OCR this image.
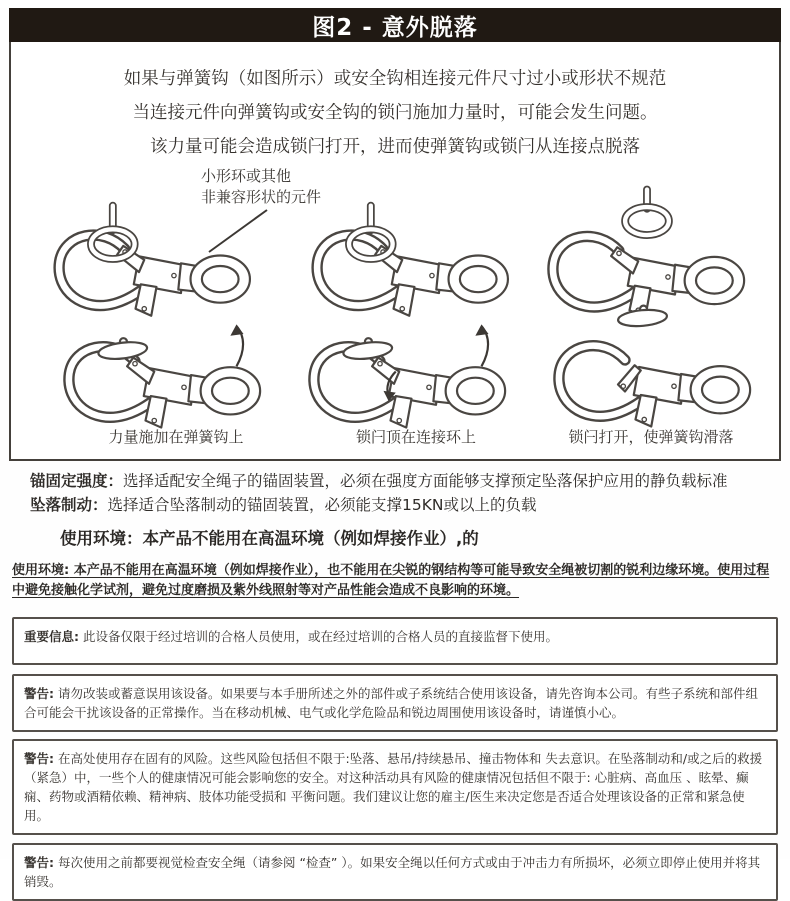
图2 - 意外脱落
如果与弹簧钩（如图所示）或安全钩相连接元件尺寸过小或形状不规范
当连接元件向弹簧钩或安全钩的锁闩施加力量时，可能会发生问题。
该力量可能会造成锁闩打开，进而使弹簧钩或锁闩从连接点脱落
小形环或其他
非兼容形状的元件
力量施加在弹簧钩上	锁闩顶在连接环上	锁闩打开，使弹簧钩滑落
锚固定强度：选择适配安全绳子的锚固装置，必须在强度方面能够支撑预定坠落保护应用的静负载标准
坠落制动：选择适合坠落制动的锚固装置，必须能支撑15KN或以上的负载
使用环境：本产品不能用在高温环境（例如焊接作业）,的
使用环境: 本产品不能用在高温环境（例如焊接作业），也不能用在尖锐的钢结构等可能导致安全绳被切割的锐利边缘环境。使用过程中避免接触化学试剂，避免过度磨损及紫外线照射等对产品性能会造成不良影响的环境。
重要信息: 此设备仅限于经过培训的合格人员使用，或在经过培训的合格人员的直接监督下使用。
警告: 请勿改装或蓄意误用该设备。如果要与本手册所述之外的部件或子系统结合使用该设备，请先咨询本公司。有些子系统和部件组合可能会干扰该设备的正常操作。当在移动机械、电气或化学危险品和锐边周围使用该设备时，请谨慎小心。
警告: 在高处使用存在固有的风险。这些风险包括但不限于:坠落、悬吊/持续悬吊、撞击物体和 失去意识。在坠落制动和/或之后的救援（紧急）中，一些个人的健康情况可能会影响您的安全。对这种活动具有风险的健康情况包括但不限于: 心脏病、高血压 、眩晕、癫痫、药物或酒精依赖、精神病、肢体功能受损和 平衡问题。我们建议让您的雇主/医生来决定您是否适合处理该设备的正常和紧急使用。
警告: 每次使用之前都要视觉检查安全绳（请参阅 “检查” ）。如果安全绳以任何方式或由于冲击力有所损坏，必须立即停止使用并将其 销毁。
